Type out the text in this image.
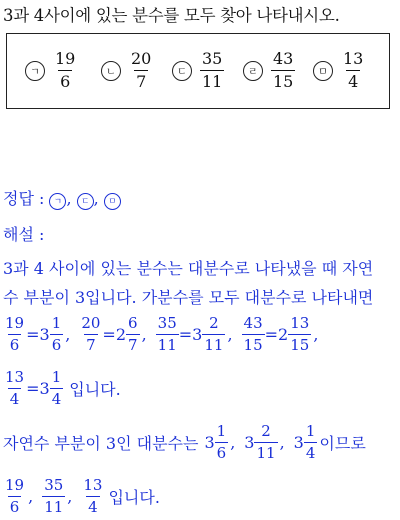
3과 4사이에 있는 분수를 모두 찾아 나타내시오.
ㄱ $\frac{19}{6}$	ㄴ $\frac{20}{7}$	ㄷ $\frac{35}{11}$	ㄹ $\frac{43}{15}$	ㅁ $\frac{13}{4}$
정답 : ㄱ , ㄷ , ㅁ
해설 :
3과 4 사이에 있는 분수는 대분수로 나타냈을 때 자연
수 부분이 3입니다. 가분수를 모두 대분수로 나타내면
$\frac{19}{6} = 3 \frac{1}{6}$ , $\frac{20}{7} = 2 \frac{6}{7}$ , $\frac{35}{11} = 3 \frac{2}{11}$ , $\frac{43}{15} = 2 \frac{13}{15}$ ,
$\frac{13}{4} = 3 \frac{1}{4}$ 입니다.
자연수 부분이 3인 대분수는 $3 \frac{1}{6}$ , $3 \frac{2}{11}$ , $3 \frac{1}{4}$ 이므로
$\frac{19}{6}$ , $\frac{35}{11}$ , $\frac{13}{4}$ 입니다.
